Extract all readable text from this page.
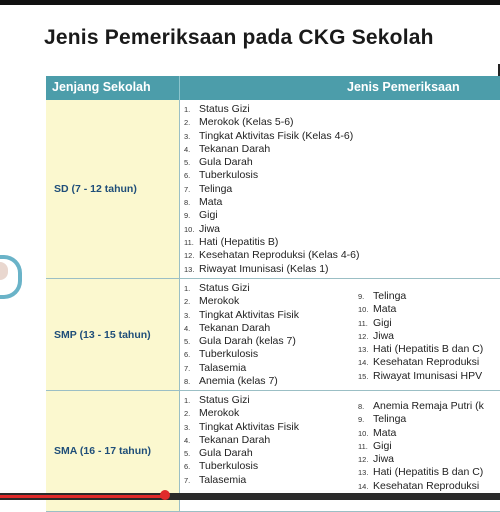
Jenis Pemeriksaan pada CKG Sekolah
Jenjang Sekolah	Jenis Pemeriksaan
SD (7 - 12 tahun)
1. Status Gizi
2. Merokok (Kelas 5-6)
3. Tingkat Aktivitas Fisik (Kelas 4-6)
4. Tekanan Darah
5. Gula Darah
6. Tuberkulosis
7. Telinga
8. Mata
9. Gigi
10. Jiwa
11. Hati (Hepatitis B)
12. Kesehatan Reproduksi (Kelas 4-6)
13. Riwayat Imunisasi (Kelas 1)
SMP (13 - 15 tahun)
1. Status Gizi
2. Merokok
3. Tingkat Aktivitas Fisik
4. Tekanan Darah
5. Gula Darah (kelas 7)
6. Tuberkulosis
7. Talasemia
8. Anemia (kelas 7)
9. Telinga
10. Mata
11. Gigi
12. Jiwa
13. Hati (Hepatitis B dan C)
14. Kesehatan Reproduksi
15. Riwayat Imunisasi HPV
SMA (16 - 17 tahun)
1. Status Gizi
2. Merokok
3. Tingkat Aktivitas Fisik
4. Tekanan Darah
5. Gula Darah
6. Tuberkulosis
7. Talasemia
8. Anemia Remaja Putri (k
9. Telinga
10. Mata
11. Gigi
12. Jiwa
13. Hati (Hepatitis B dan C)
14. Kesehatan Reproduksi
